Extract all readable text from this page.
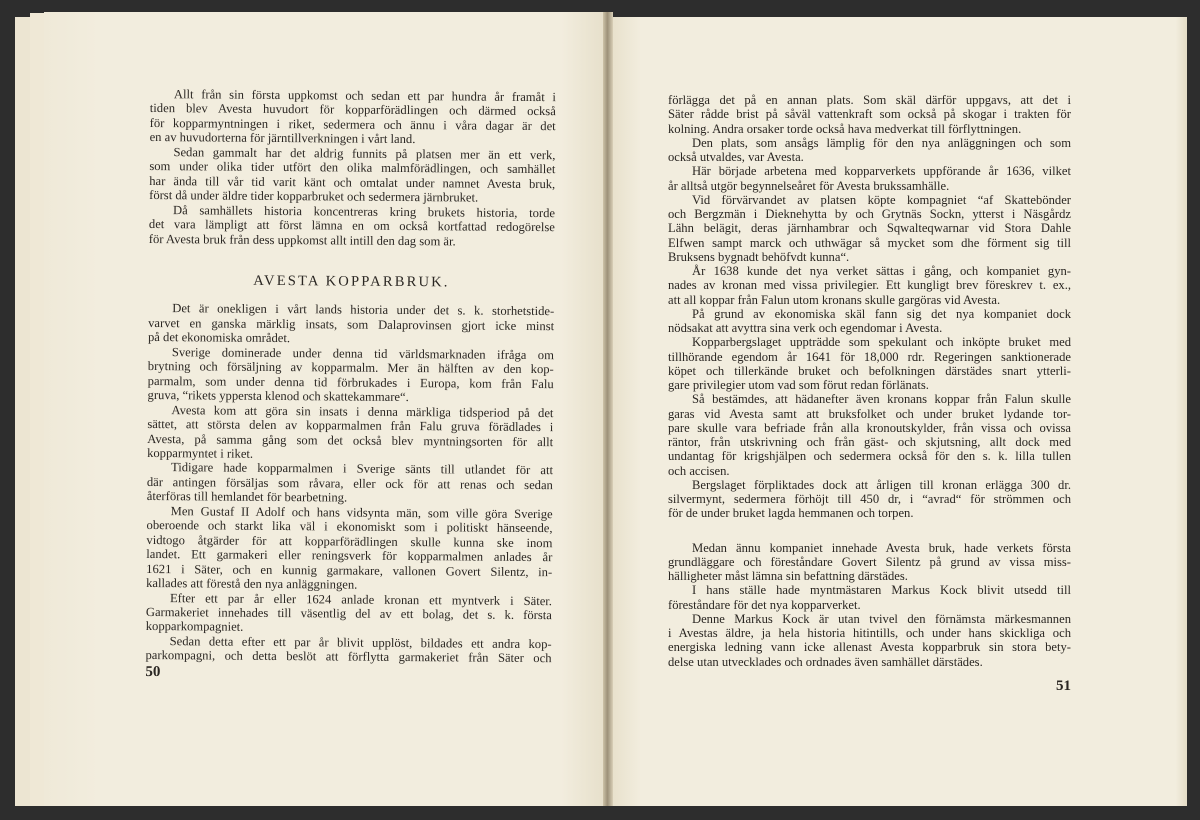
Allt från sin första uppkomst och sedan ett par hundra år framåt i
tiden blev Avesta huvudort för kopparförädlingen och därmed också
för kopparmyntningen i riket, sedermera och ännu i våra dagar är det
en av huvudorterna för järntillverkningen i vårt land.
Sedan gammalt har det aldrig funnits på platsen mer än ett verk,
som under olika tider utfört den olika malmförädlingen, och samhället
har ända till vår tid varit känt och omtalat under namnet Avesta bruk,
först då under äldre tider kopparbruket och sedermera järnbruket.
Då samhällets historia koncentreras kring brukets historia, torde
det vara lämpligt att först lämna en om också kortfattad redogörelse
för Avesta bruk från dess uppkomst allt intill den dag som är.
AVESTA KOPPARBRUK.
Det är onekligen i vårt lands historia under det s. k. storhetstide-
varvet en ganska märklig insats, som Dalaprovinsen gjort icke minst
på det ekonomiska området.
Sverige dominerade under denna tid världsmarknaden ifråga om
brytning och försäljning av kopparmalm. Mer än hälften av den kop-
parmalm, som under denna tid förbrukades i Europa, kom från Falu
gruva, “rikets yppersta klenod och skattekammare“.
Avesta kom att göra sin insats i denna märkliga tidsperiod på det
sättet, att största delen av kopparmalmen från Falu gruva förädlades i
Avesta, på samma gång som det också blev myntningsorten för allt
kopparmyntet i riket.
Tidigare hade kopparmalmen i Sverige sänts till utlandet för att
där antingen försäljas som råvara, eller ock för att renas och sedan
återföras till hemlandet för bearbetning.
Men Gustaf II Adolf och hans vidsynta män, som ville göra Sverige
oberoende och starkt lika väl i ekonomiskt som i politiskt hänseende,
vidtogo åtgärder för att kopparförädlingen skulle kunna ske inom
landet. Ett garmakeri eller reningsverk för kopparmalmen anlades år
1621 i Säter, och en kunnig garmakare, vallonen Govert Silentz, in-
kallades att förestå den nya anläggningen.
Efter ett par år eller 1624 anlade kronan ett myntverk i Säter.
Garmakeriet innehades till väsentlig del av ett bolag, det s. k. första
kopparkompagniet.
Sedan detta efter ett par år blivit upplöst, bildades ett andra kop-
parkompagni, och detta beslöt att förflytta garmakeriet från Säter och
50
förlägga det på en annan plats. Som skäl därför uppgavs, att det i
Säter rådde brist på såväl vattenkraft som också på skogar i trakten för
kolning. Andra orsaker torde också hava medverkat till förflyttningen.
Den plats, som ansågs lämplig för den nya anläggningen och som
också utvaldes, var Avesta.
Här började arbetena med kopparverkets uppförande år 1636, vilket
år alltså utgör begynnelseåret för Avesta brukssamhälle.
Vid förvärvandet av platsen köpte kompagniet “af Skattebönder
och Bergzmän i Dieknehytta by och Grytnäs Sockn, ytterst i Näsgårdz
Lähn belägit, deras järnhambrar och Sqwalteqwarnar vid Stora Dahle
Elfwen sampt marck och uthwägar så mycket som dhe förment sig till
Bruksens bygnadt behöfvdt kunna“.
År 1638 kunde det nya verket sättas i gång, och kompaniet gyn-
nades av kronan med vissa privilegier. Ett kungligt brev föreskrev t. ex.,
att all koppar från Falun utom kronans skulle gargöras vid Avesta.
På grund av ekonomiska skäl fann sig det nya kompaniet dock
nödsakat att avyttra sina verk och egendomar i Avesta.
Kopparbergslaget uppträdde som spekulant och inköpte bruket med
tillhörande egendom år 1641 för 18,000 rdr. Regeringen sanktionerade
köpet och tillerkände bruket och befolkningen därstädes snart ytterli-
gare privilegier utom vad som förut redan förlänats.
Så bestämdes, att hädanefter även kronans koppar från Falun skulle
garas vid Avesta samt att bruksfolket och under bruket lydande tor-
pare skulle vara befriade från alla kronoutskylder, från vissa och ovissa
räntor, från utskrivning och från gäst- och skjutsning, allt dock med
undantag för krigshjälpen och sedermera också för den s. k. lilla tullen
och accisen.
Bergslaget förpliktades dock att årligen till kronan erlägga 300 dr.
silvermynt, sedermera förhöjt till 450 dr, i “avrad“ för strömmen och
för de under bruket lagda hemmanen och torpen.
Medan ännu kompaniet innehade Avesta bruk, hade verkets första
grundläggare och föreståndare Govert Silentz på grund av vissa miss-
hälligheter måst lämna sin befattning därstädes.
I hans ställe hade myntmästaren Markus Kock blivit utsedd till
föreståndare för det nya kopparverket.
Denne Markus Kock är utan tvivel den förnämsta märkesmannen
i Avestas äldre, ja hela historia hitintills, och under hans skickliga och
energiska ledning vann icke allenast Avesta kopparbruk sin stora bety-
delse utan utvecklades och ordnades även samhället därstädes.
51
